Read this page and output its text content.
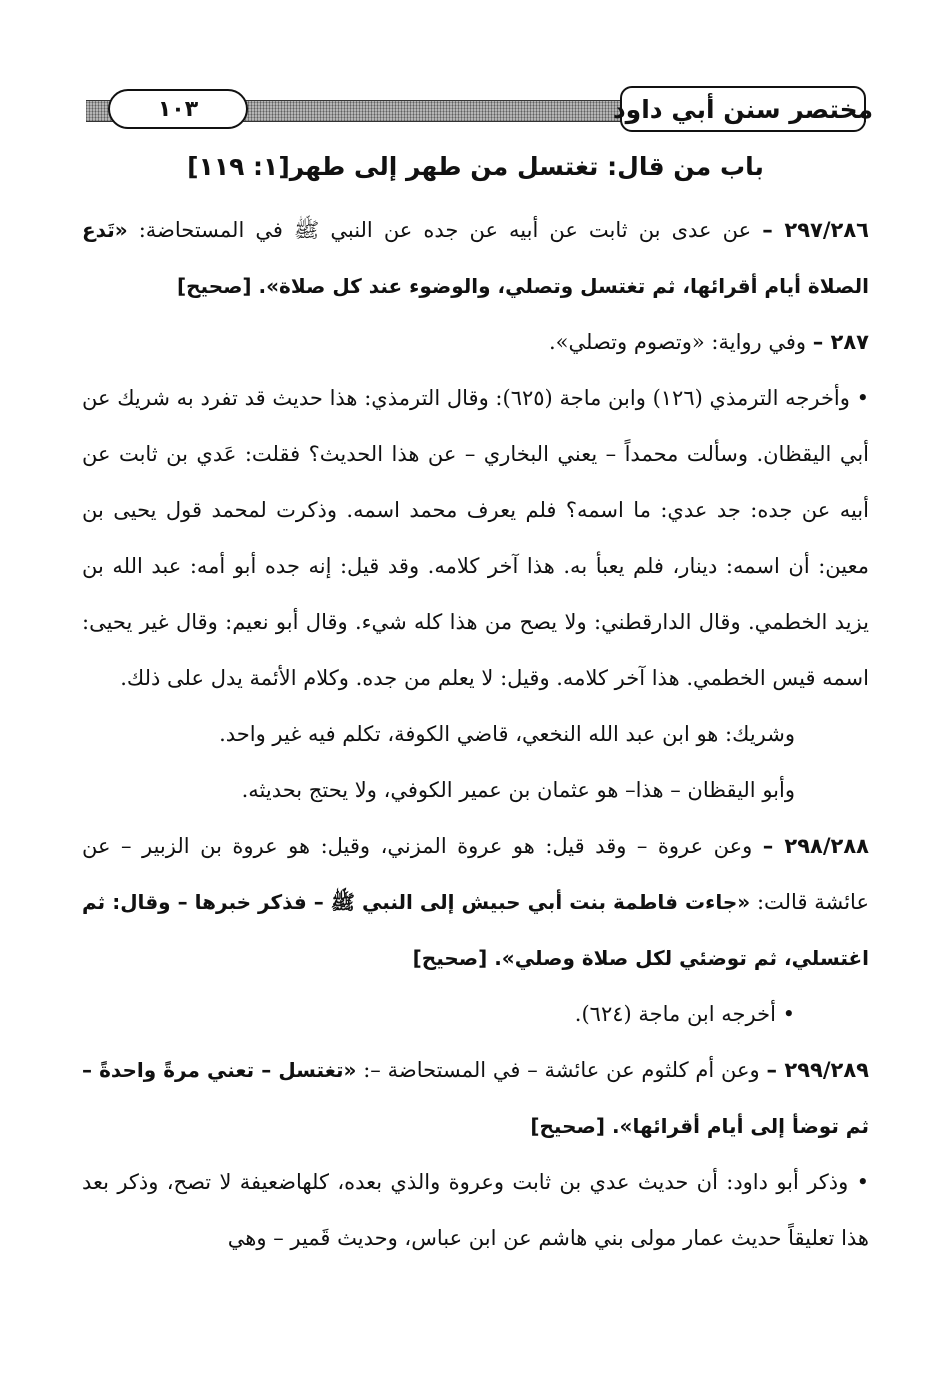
مختصر سنن أبي داود
١٠٣
باب من قال: تغتسل من طهر إلى طهر[١: ١١٩]

٢٩٧/٢٨٦ – عن عدى بن ثابت عن أبيه عن جده عن النبي ﷺ في المستحاضة: «تَدع الصلاة أيام أقرائها، ثم تغتسل وتصلي، والوضوء عند كل صلاة». [صحيح]

٢٨٧ – وفي رواية: «وتصوم وتصلي».

• وأخرجه الترمذي (١٢٦) وابن ماجة (٦٢٥): وقال الترمذي: هذا حديث قد تفرد به شريك عن أبي اليقظان. وسألت محمداً – يعني البخاري – عن هذا الحديث؟ فقلت: عَدي بن ثابت عن أبيه عن جده: جد عدي: ما اسمه؟ فلم يعرف محمد اسمه. وذكرت لمحمد قول يحيى بن معين: أن اسمه: دينار، فلم يعبأ به. هذا آخر كلامه. وقد قيل: إنه جده أبو أمه: عبد الله بن يزيد الخطمي. وقال الدارقطني: ولا يصح من هذا كله شيء. وقال أبو نعيم: وقال غير يحيى: اسمه قيس الخطمي. هذا آخر كلامه. وقيل: لا يعلم من جده. وكلام الأئمة يدل على ذلك.

وشريك: هو ابن عبد الله النخعي، قاضي الكوفة، تكلم فيه غير واحد.

وأبو اليقظان – هذا– هو عثمان بن عمير الكوفي، ولا يحتج بحديثه.

٢٩٨/٢٨٨ – وعن عروة – وقد قيل: هو عروة المزني، وقيل: هو عروة بن الزبير – عن عائشة قالت: «جاءت فاطمة بنت أبي حبيش إلى النبي ﷺ – فذكر خبرها – وقال: ثم اغتسلي، ثم توضئي لكل صلاة وصلي». [صحيح]

• أخرجه ابن ماجة (٦٢٤).

٢٩٩/٢٨٩ – وعن أم كلثوم عن عائشة – في المستحاضة –: «تغتسل – تعني مرةً واحدةً – ثم توضأ إلى أيام أقرائها». [صحيح]

• وذكر أبو داود: أن حديث عدي بن ثابت وعروة والذي بعده، كلهاضعيفة لا تصح، وذكر بعد هذا تعليقاً حديث عمار مولى بني هاشم عن ابن عباس، وحديث قَمير – وهي
